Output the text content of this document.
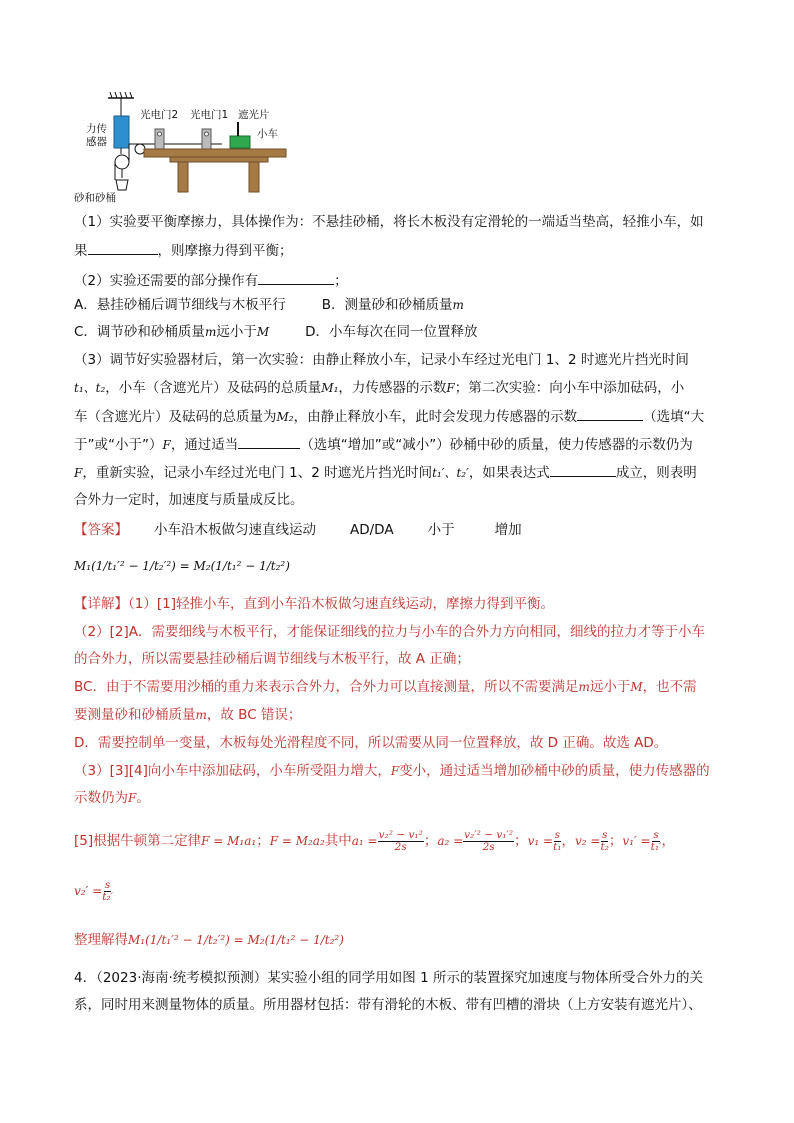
力传
感器
砂和砂桶
光电门2 光电门1 遮光片
小车
（1）实验要平衡摩擦力，具体操作为：不悬挂砂桶，将长木板没有定滑轮的一端适当垫高，轻推小车，如
果	，则摩擦力得到平衡；
（2）实验还需要的部分操作有	；
A．悬挂砂桶后调节细线与木板平行	B．测量砂和砂桶质量m
C．调节砂和砂桶质量m远小于M	D．小车每次在同一位置释放
（3）调节好实验器材后，第一次实验：由静止释放小车，记录小车经过光电门 1、2 时遮光片挡光时间
t₁、t₂，小车（含遮光片）及砝码的总质量M₁，力传感器的示数F；第二次实验：向小车中添加砝码，小
车（含遮光片）及砝码的总质量为M₂，由静止释放小车，此时会发现力传感器的示数	（选填“大
于”或“小于”）F，通过适当	（选填“增加”或“减小”）砂桶中砂的质量，使力传感器的示数仍为
F，重新实验，记录小车经过光电门 1、2 时遮光片挡光时间t₁′、t₂′，如果表达式	成立，则表明
合外力一定时，加速度与质量成反比。
【答案】 小车沿木板做匀速直线运动	AD/DA	小于	增加
M₁(1/t₁′² − 1/t₂′²) = M₂(1/t₁² − 1/t₂²)
【详解】（1）[1]轻推小车，直到小车沿木板做匀速直线运动，摩擦力得到平衡。
（2）[2]A．需要细线与木板平行，才能保证细线的拉力与小车的合外力方向相同，细线的拉力才等于小车
的合外力，所以需要悬挂砂桶后调节细线与木板平行，故 A 正确；
BC．由于不需要用沙桶的重力来表示合外力，合外力可以直接测量，所以不需要满足m远小于M，也不需
要测量砂和砂桶质量m，故 BC 错误；
D．需要控制单一变量，木板每处光滑程度不同，所以需要从同一位置释放，故 D 正确。故选 AD。
（3）[3][4]向小车中添加砝码，小车所受阻力增大，F变小，通过适当增加砂桶中砂的质量，使力传感器的
示数仍为F。
[5]根据牛顿第二定律F = M₁a₁；F = M₂a₂其中$a_1 = \frac{\text{v₂² − v₁²}}{2s}$ ；$a_2 = \frac{\text{v₂′² − v₁′²}}{2s}$ ；$v_1 = \frac{s}{\text{t₁}}$ ，$v_2 = \frac{s}{\text{t₂}}$ ；$v_1' = \frac{s}{\text{t₁′}}$ ，
$v_2' = \frac{s}{\text{t₂′}}$
整理解得M₁(1/t₁′² − 1/t₂′²) = M₂(1/t₁² − 1/t₂²)
4．（2023·海南·统考模拟预测）某实验小组的同学用如图 1 所示的装置探究加速度与物体所受合外力的关
系，同时用来测量物体的质量。所用器材包括：带有滑轮的木板、带有凹槽的滑块（上方安装有遮光片）、
